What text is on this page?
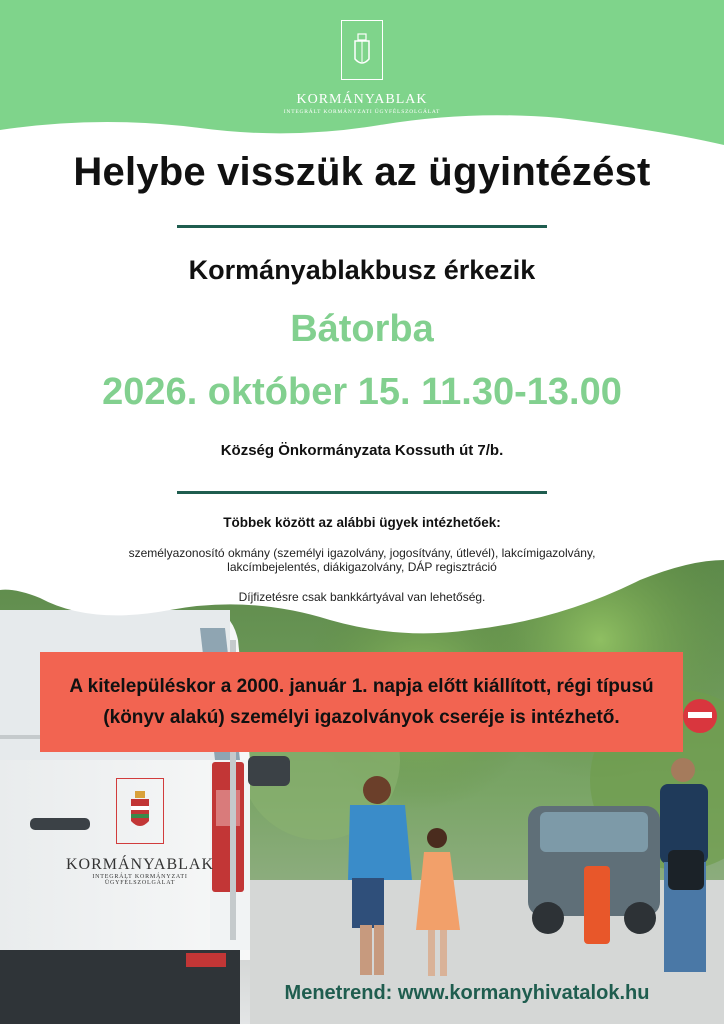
KORMÁNYABLAK
INTEGRÁLT KORMÁNYZATI ÜGYFÉLSZOLGÁLAT
Helybe visszük az ügyintézést
Kormányablakbusz érkezik
Bátorba
2026. október 15. 11.30-13.00
Község Önkormányzata Kossuth út 7/b.
Többek között az alábbi ügyek intézhetőek:
személyazonosító okmány (személyi igazolvány, jogosítvány, útlevél), lakcímigazolvány,
lakcímbejelentés, diákigazolvány, DÁP regisztráció
Díjfizetésre csak bankkártyával van lehetőség.
A kitelepüléskor a 2000. január 1. napja előtt kiállított, régi típusú
(könyv alakú) személyi igazolványok cseréje is intézhető.
KORMÁNYABLAK
INTEGRÁLT KORMÁNYZATI ÜGYFÉLSZOLGÁLAT
Menetrend: www.kormanyhivatalok.hu
